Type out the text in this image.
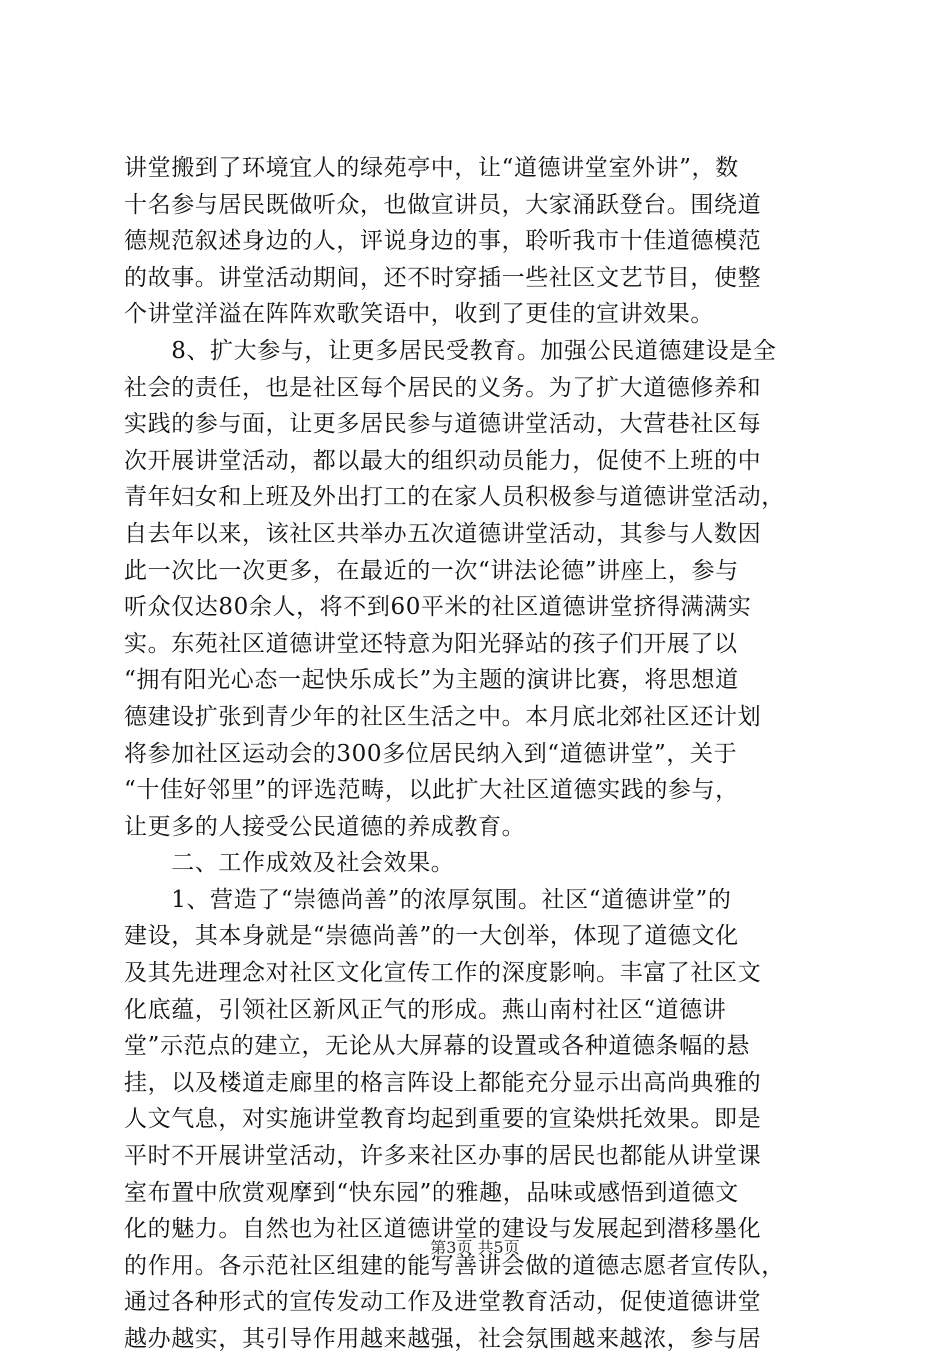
讲堂搬到了环境宜人的绿苑亭中，让“道德讲堂室外讲”，数
十名参与居民既做听众，也做宣讲员，大家涌跃登台。围绕道
德规范叙述身边的人，评说身边的事，聆听我市十佳道德模范
的故事。讲堂活动期间，还不时穿插一些社区文艺节目，使整
个讲堂洋溢在阵阵欢歌笑语中，收到了更佳的宣讲效果。
　　8、扩大参与，让更多居民受教育。加强公民道德建设是全
社会的责任，也是社区每个居民的义务。为了扩大道德修养和
实践的参与面，让更多居民参与道德讲堂活动，大营巷社区每
次开展讲堂活动，都以最大的组织动员能力，促使不上班的中
青年妇女和上班及外出打工的在家人员积极参与道德讲堂活动，
自去年以来，该社区共举办五次道德讲堂活动，其参与人数因
此一次比一次更多，在最近的一次“讲法论德”讲座上，参与
听众仅达80余人，将不到60平米的社区道德讲堂挤得满满实
实。东苑社区道德讲堂还特意为阳光驿站的孩子们开展了以
“拥有阳光心态一起快乐成长”为主题的演讲比赛，将思想道
德建设扩张到青少年的社区生活之中。本月底北郊社区还计划
将参加社区运动会的300多位居民纳入到“道德讲堂”，关于
“十佳好邻里”的评选范畴，以此扩大社区道德实践的参与，
让更多的人接受公民道德的养成教育。
　　二、工作成效及社会效果。
　　1、营造了“崇德尚善”的浓厚氛围。社区“道德讲堂”的
建设，其本身就是“崇德尚善”的一大创举，体现了道德文化
及其先进理念对社区文化宣传工作的深度影响。丰富了社区文
化底蕴，引领社区新风正气的形成。燕山南村社区“道德讲
堂”示范点的建立，无论从大屏幕的设置或各种道德条幅的悬
挂，以及楼道走廊里的格言阵设上都能充分显示出高尚典雅的
人文气息，对实施讲堂教育均起到重要的宣染烘托效果。即是
平时不开展讲堂活动，许多来社区办事的居民也都能从讲堂课
室布置中欣赏观摩到“快东园”的雅趣，品味或感悟到道德文
化的魅力。自然也为社区道德讲堂的建设与发展起到潜移墨化
的作用。各示范社区组建的能写善讲会做的道德志愿者宣传队，
通过各种形式的宣传发动工作及进堂教育活动，促使道德讲堂
越办越实，其引导作用越来越强，社会氛围越来越浓，参与居
第3页 共5页
